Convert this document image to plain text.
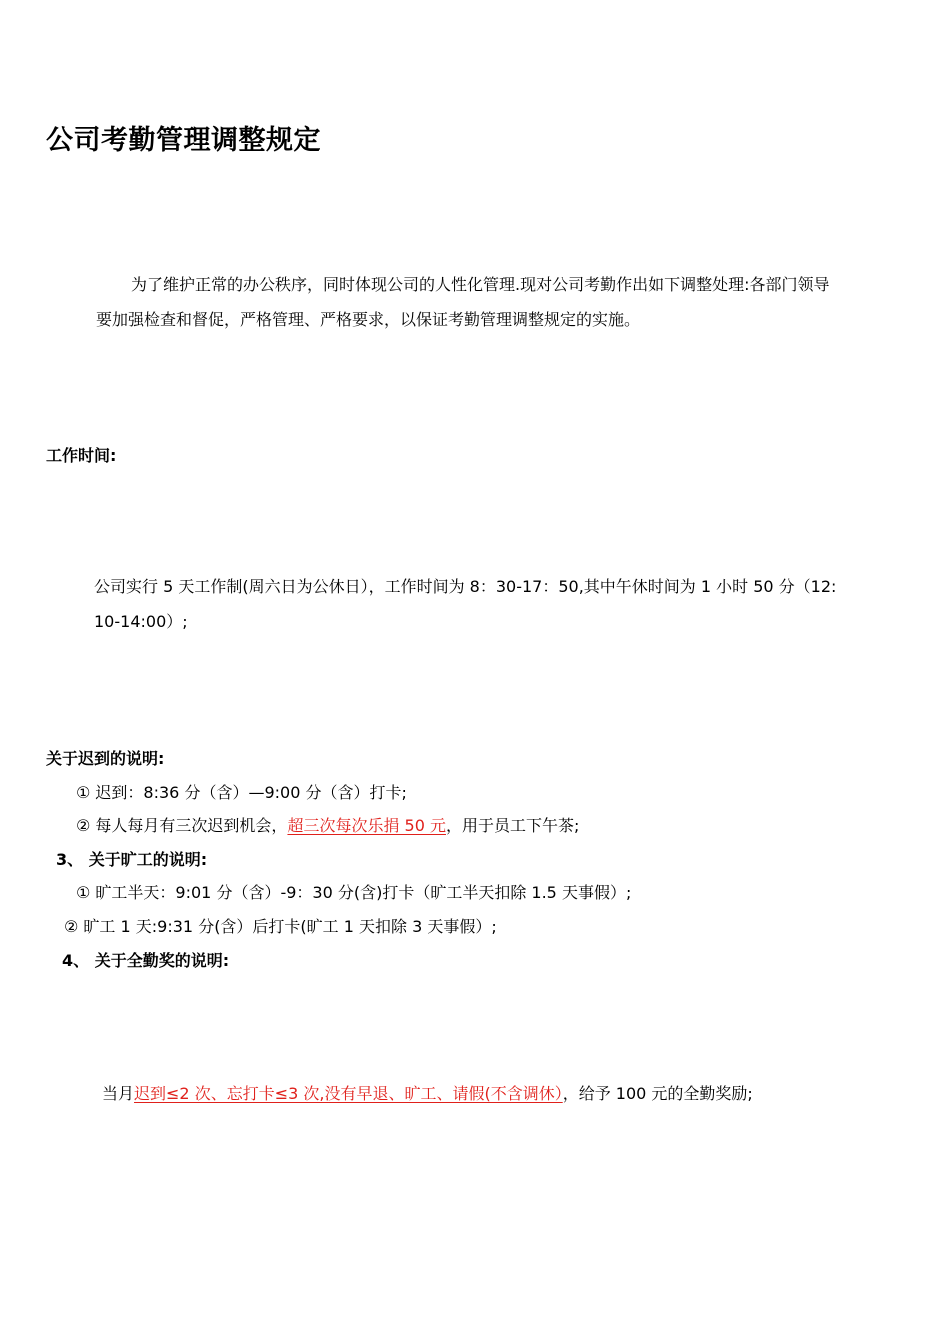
公司考勤管理调整规定
为了维护正常的办公秩序，同时体现公司的人性化管理.现对公司考勤作出如下调整处理:各部门领导
要加强检查和督促，严格管理、严格要求，以保证考勤管理调整规定的实施。
工作时间:
公司实行 5 天工作制(周六日为公休日），工作时间为 8：30-17：50,其中午休时间为 1 小时 50 分（12:
10-14:00）;
关于迟到的说明:
① 迟到：8:36 分（含）—9:00 分（含）打卡;
② 每人每月有三次迟到机会，超三次每次乐捐 50 元，用于员工下午茶;
3、 关于旷工的说明:
① 旷工半天：9:01 分（含）-9：30 分(含)打卡（旷工半天扣除 1.5 天事假）;
② 旷工 1 天:9:31 分(含）后打卡(旷工 1 天扣除 3 天事假）;
4、 关于全勤奖的说明:
当月迟到≤2 次、忘打卡≤3 次,没有早退、旷工、请假(不含调休），给予 100 元的全勤奖励;
